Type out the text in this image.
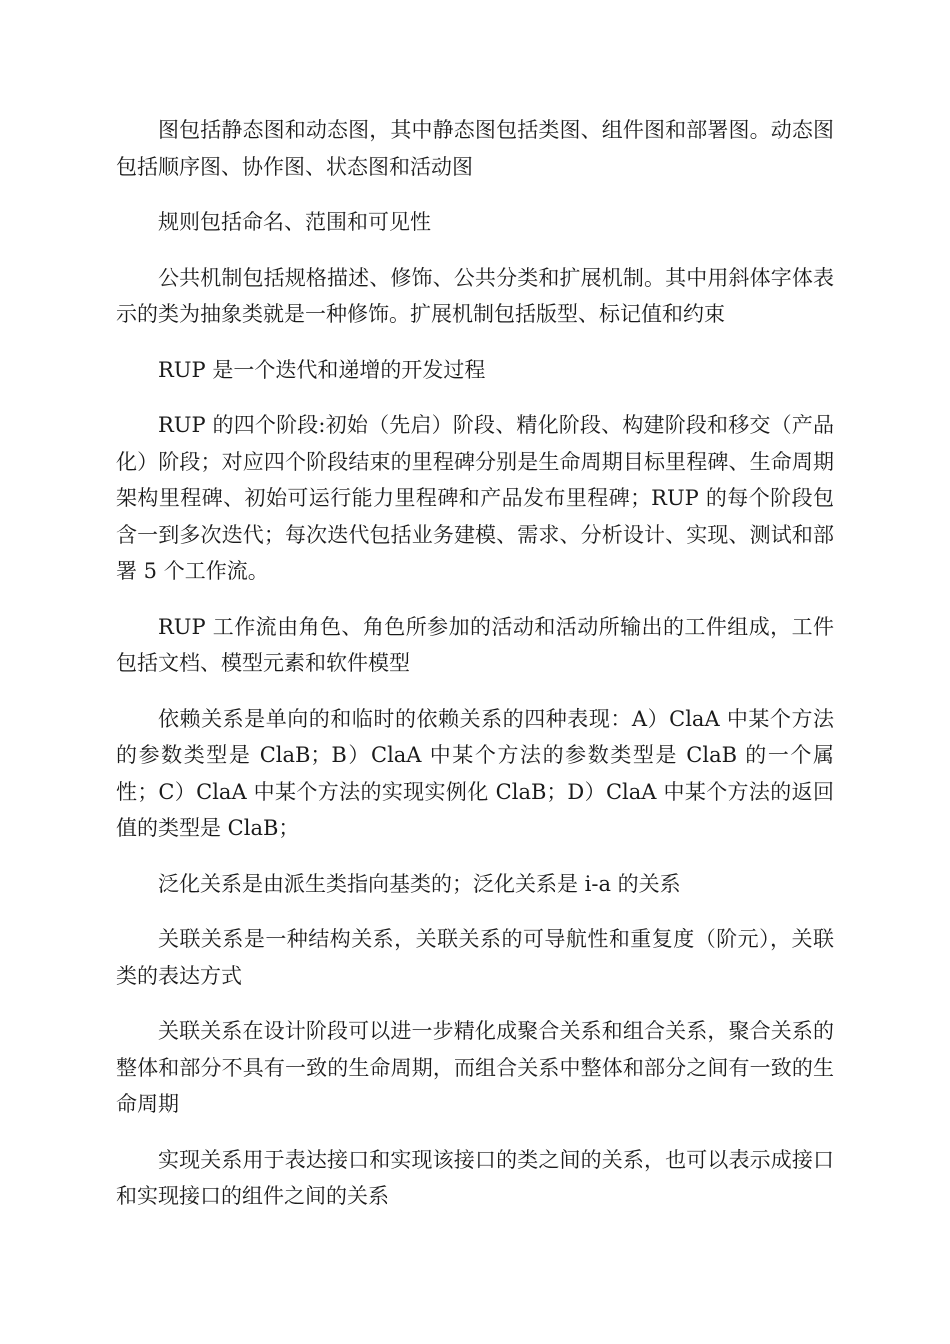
图包括静态图和动态图，其中静态图包括类图、组件图和部署图。动态图包括顺序图、协作图、状态图和活动图

规则包括命名、范围和可见性

公共机制包括规格描述、修饰、公共分类和扩展机制。其中用斜体字体表示的类为抽象类就是一种修饰。扩展机制包括版型、标记值和约束

RUP 是一个迭代和递增的开发过程

RUP 的四个阶段:初始（先启）阶段、精化阶段、构建阶段和移交（产品化）阶段；对应四个阶段结束的里程碑分别是生命周期目标里程碑、生命周期架构里程碑、初始可运行能力里程碑和产品发布里程碑；RUP 的每个阶段包含一到多次迭代；每次迭代包括业务建模、需求、分析设计、实现、测试和部署 5 个工作流。

RUP 工作流由角色、角色所参加的活动和活动所输出的工件组成，工件包括文档、模型元素和软件模型

依赖关系是单向的和临时的依赖关系的四种表现：A）ClaA 中某个方法的参数类型是 ClaB；B）ClaA 中某个方法的参数类型是 ClaB 的一个属性；C）ClaA 中某个方法的实现实例化 ClaB；D）ClaA 中某个方法的返回值的类型是 ClaB；

泛化关系是由派生类指向基类的；泛化关系是 i-a 的关系

关联关系是一种结构关系，关联关系的可导航性和重复度（阶元），关联类的表达方式

关联关系在设计阶段可以进一步精化成聚合关系和组合关系，聚合关系的整体和部分不具有一致的生命周期，而组合关系中整体和部分之间有一致的生命周期

实现关系用于表达接口和实现该接口的类之间的关系，也可以表示成接口和实现接口的组件之间的关系
